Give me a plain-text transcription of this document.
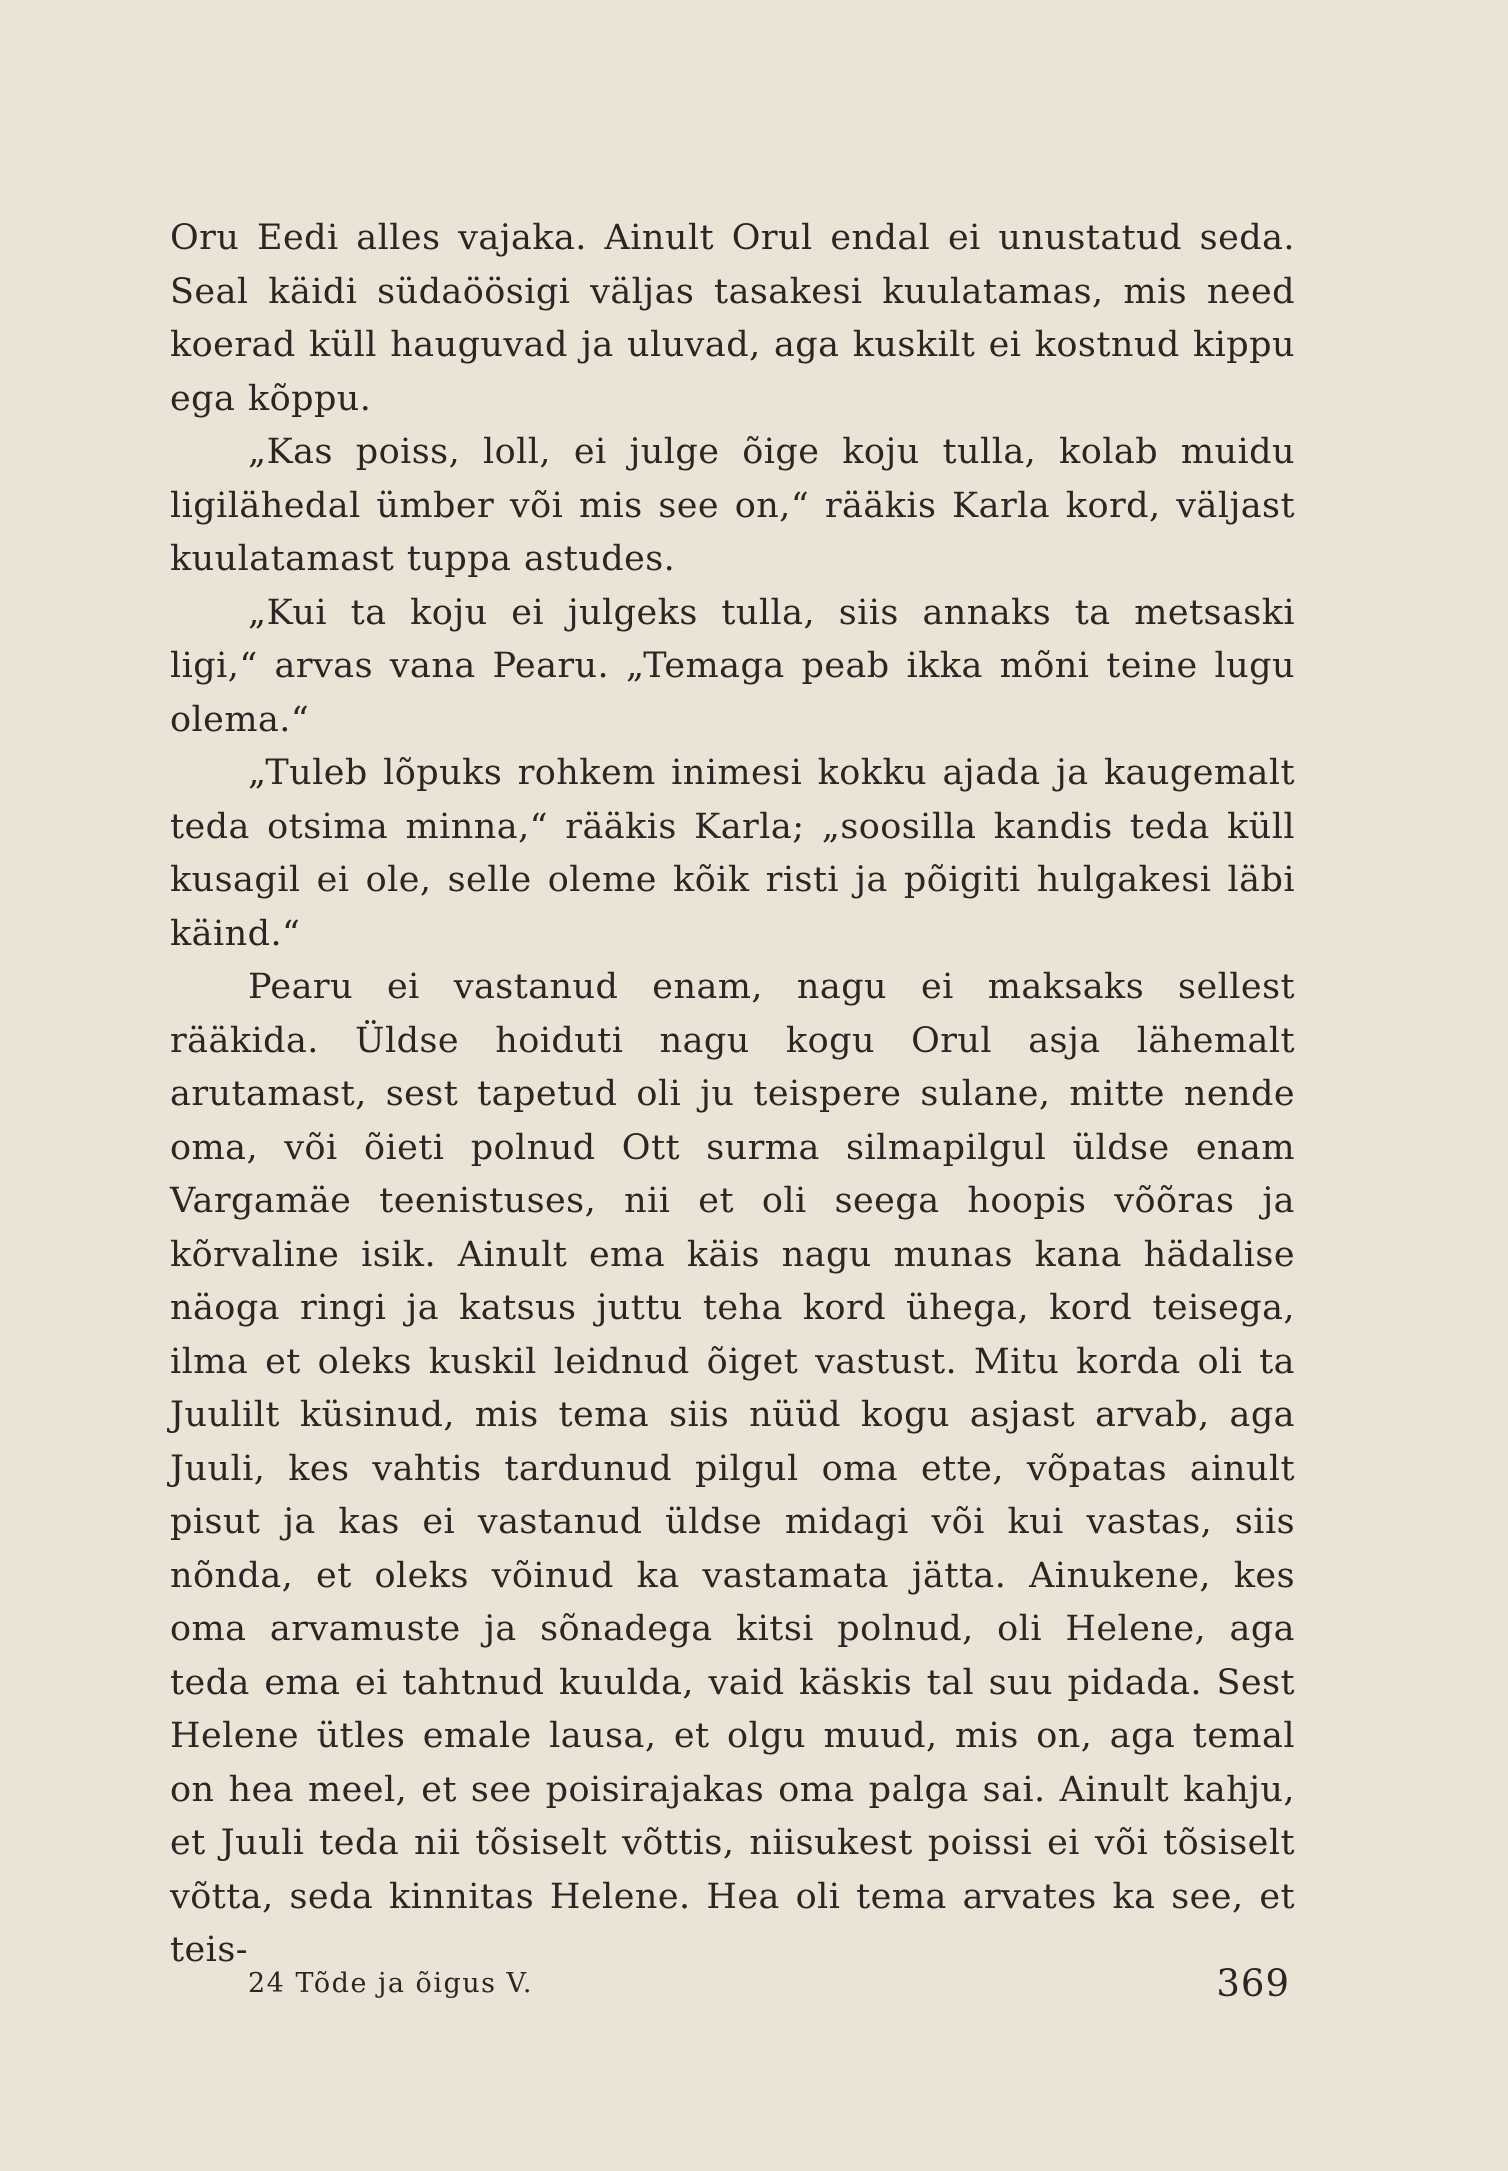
Oru Eedi alles vajaka. Ainult Orul endal ei unustatud seda. Seal käidi südaöösigi väljas tasakesi kuulatamas, mis need koerad küll hauguvad ja uluvad, aga kuskilt ei kostnud kippu ega kõppu.

„Kas poiss, loll, ei julge õige koju tulla, kolab muidu ligilähedal ümber või mis see on,“ rääkis Karla kord, väljast kuulatamast tuppa astudes.

„Kui ta koju ei julgeks tulla, siis annaks ta metsaski ligi,“ arvas vana Pearu. „Temaga peab ikka mõni teine lugu olema.“

„Tuleb lõpuks rohkem inimesi kokku ajada ja kaugemalt teda otsima minna,“ rääkis Karla; „soosilla kandis teda küll kusagil ei ole, selle oleme kõik risti ja põigiti hulgakesi läbi käind.“

Pearu ei vastanud enam, nagu ei maksaks sellest rääkida. Üldse hoiduti nagu kogu Orul asja lähemalt arutamast, sest tapetud oli ju teispere sulane, mitte nende oma, või õieti polnud Ott surma silmapilgul üldse enam Vargamäe teenistuses, nii et oli seega hoopis võõras ja kõrvaline isik. Ainult ema käis nagu munas kana hädalise näoga ringi ja katsus juttu teha kord ühega, kord teisega, ilma et oleks kuskil leidnud õiget vastust. Mitu korda oli ta Juulilt küsinud, mis tema siis nüüd kogu asjast arvab, aga Juuli, kes vahtis tardunud pilgul oma ette, võpatas ainult pisut ja kas ei vastanud üldse midagi või kui vastas, siis nõnda, et oleks võinud ka vastamata jätta. Ainukene, kes oma arvamuste ja sõnadega kitsi polnud, oli Helene, aga teda ema ei tahtnud kuulda, vaid käskis tal suu pidada. Sest Helene ütles emale lausa, et olgu muud, mis on, aga temal on hea meel, et see poisirajakas oma palga sai. Ainult kahju, et Juuli teda nii tõsiselt võttis, niisukest poissi ei või tõsiselt võtta, seda kinnitas Helene. Hea oli tema arvates ka see, et teis-

24 Tõde ja õigus V.	369
